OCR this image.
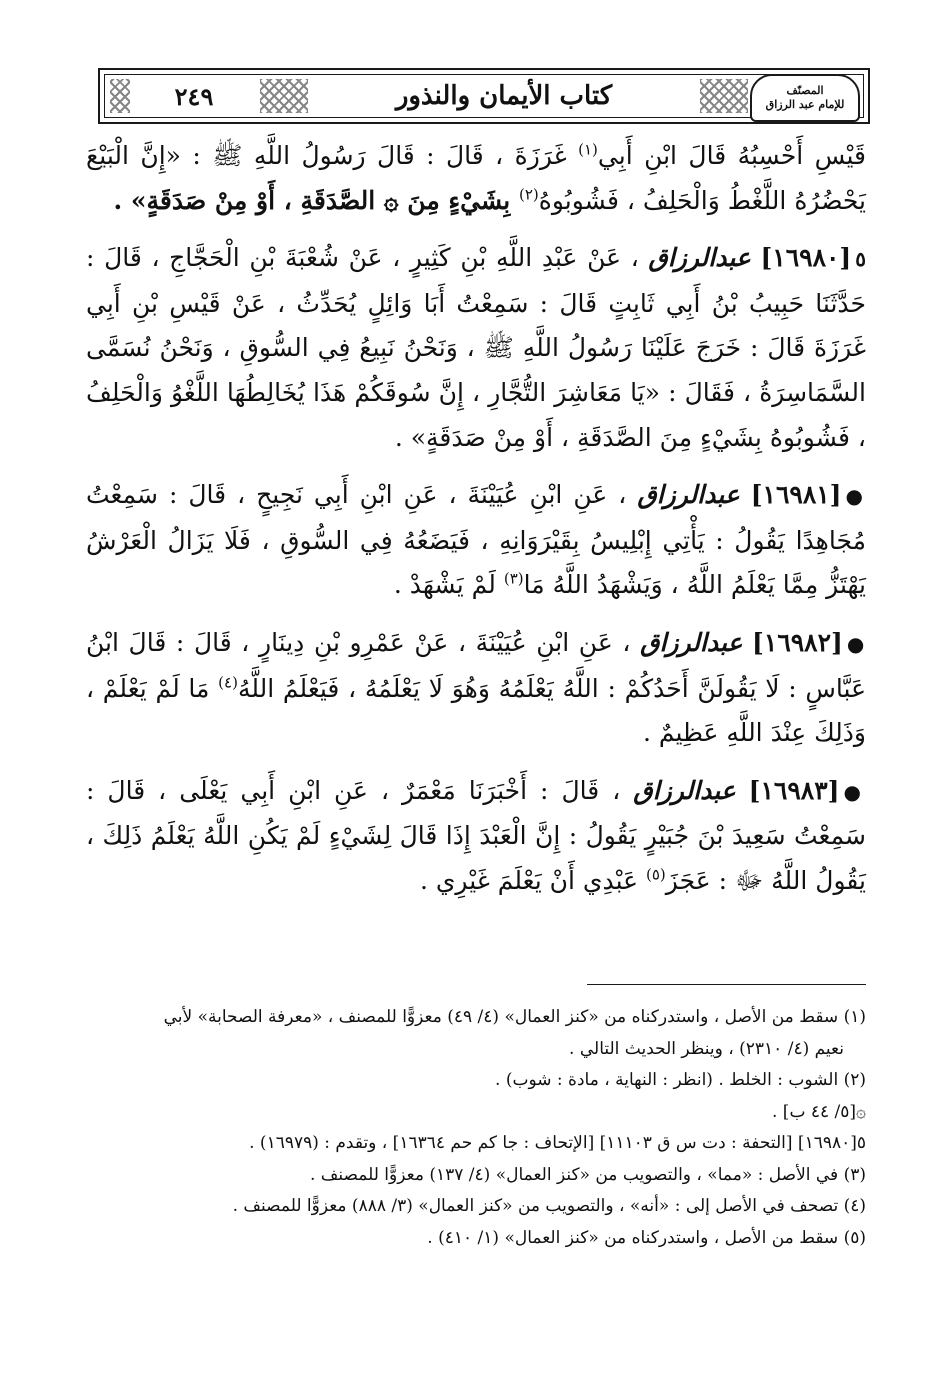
٢٤٩	كتاب الأيمان والنذور	المصنّف
للإمام عبد الرزاق

قَيْسِ أَحْسِبُهُ قَالَ ابْنِ أَبِي$^{(١)}$ غَرَزَةَ ، قَالَ : قَالَ رَسُولُ اللَّهِ ﷺ : «إِنَّ الْبَيْعَ يَحْضُرُهُ اللَّغْطُ وَالْحَلِفُ ، فَشُوبُوهُ$^{(٢)}$ بِشَيْءٍ مِنَ ۞ الصَّدَقَةِ ، أَوْ مِنْ صَدَقَةٍ» .

٥[١٦٩٨٠] عبدالرزاق ، عَنْ عَبْدِ اللَّهِ بْنِ كَثِيرٍ ، عَنْ شُعْبَةَ بْنِ الْحَجَّاجِ ، قَالَ : حَدَّثَنَا حَبِيبُ بْنُ أَبِي ثَابِتٍ قَالَ : سَمِعْتُ أَبَا وَائِلٍ يُحَدِّثُ ، عَنْ قَيْسِ بْنِ أَبِي غَرَزَةَ قَالَ : خَرَجَ عَلَيْنَا رَسُولُ اللَّهِ ﷺ ، وَنَحْنُ نَبِيعُ فِي السُّوقِ ، وَنَحْنُ نُسَمَّى السَّمَاسِرَةُ ، فَقَالَ : «يَا مَعَاشِرَ التُّجَّارِ ، إِنَّ سُوقَكُمْ هَذَا يُخَالِطُهَا اللَّغْوُ وَالْحَلِفُ ، فَشُوبُوهُ بِشَيْءٍ مِنَ الصَّدَقَةِ ، أَوْ مِنْ صَدَقَةٍ» .

●[١٦٩٨١] عبدالرزاق ، عَنِ ابْنِ عُيَيْنَةَ ، عَنِ ابْنِ أَبِي نَجِيحٍ ، قَالَ : سَمِعْتُ مُجَاهِدًا يَقُولُ : يَأْتِي إِبْلِيسُ بِقَيْرَوَانِهِ ، فَيَضَعُهُ فِي السُّوقِ ، فَلَا يَزَالُ الْعَرْشُ يَهْتَزُّ مِمَّا يَعْلَمُ اللَّهُ ، وَيَشْهَدُ اللَّهُ مَا$^{(٣)}$ لَمْ يَشْهَدْ .

●[١٦٩٨٢] عبدالرزاق ، عَنِ ابْنِ عُيَيْنَةَ ، عَنْ عَمْرِو بْنِ دِينَارٍ ، قَالَ : قَالَ ابْنُ عَبَّاسٍ : لَا يَقُولَنَّ أَحَدُكُمْ : اللَّهُ يَعْلَمُهُ وَهُوَ لَا يَعْلَمُهُ ، فَيَعْلَمُ اللَّهُ$^{(٤)}$ مَا لَمْ يَعْلَمْ ، وَذَلِكَ عِنْدَ اللَّهِ عَظِيمٌ .

●[١٦٩٨٣] عبدالرزاق ، قَالَ : أَخْبَرَنَا مَعْمَرٌ ، عَنِ ابْنِ أَبِي يَعْلَى ، قَالَ : سَمِعْتُ سَعِيدَ بْنَ جُبَيْرٍ يَقُولُ : إِنَّ الْعَبْدَ إِذَا قَالَ لِشَيْءٍ لَمْ يَكُنِ اللَّهُ يَعْلَمُ ذَلِكَ ، يَقُولُ اللَّهُ ﷻ : عَجَزَ$^{(٥)}$ عَبْدِي أَنْ يَعْلَمَ غَيْرِي .

(١) سقط من الأصل ، واستدركناه من «كنز العمال» (٤/ ٤٩) معزوًّا للمصنف ، «معرفة الصحابة» لأبي

نعيم (٤/ ٢٣١٠) ، وينظر الحديث التالي .

(٢) الشوب : الخلط . (انظر : النهاية ، مادة : شوب) .

۞[٥/ ٤٤ ب] .

٥[١٦٩٨٠] [التحفة : دت س ق ١١١٠٣] [الإتحاف : جا كم حم ١٦٣٦٤] ، وتقدم : (١٦٩٧٩) .

(٣) في الأصل : «مما» ، والتصويب من «كنز العمال» (٤/ ١٣٧) معزوًّا للمصنف .

(٤) تصحف في الأصل إلى : «أنه» ، والتصويب من «كنز العمال» (٣/ ٨٨٨) معزوًّا للمصنف .

(٥) سقط من الأصل ، واستدركناه من «كنز العمال» (١/ ٤١٠) .
